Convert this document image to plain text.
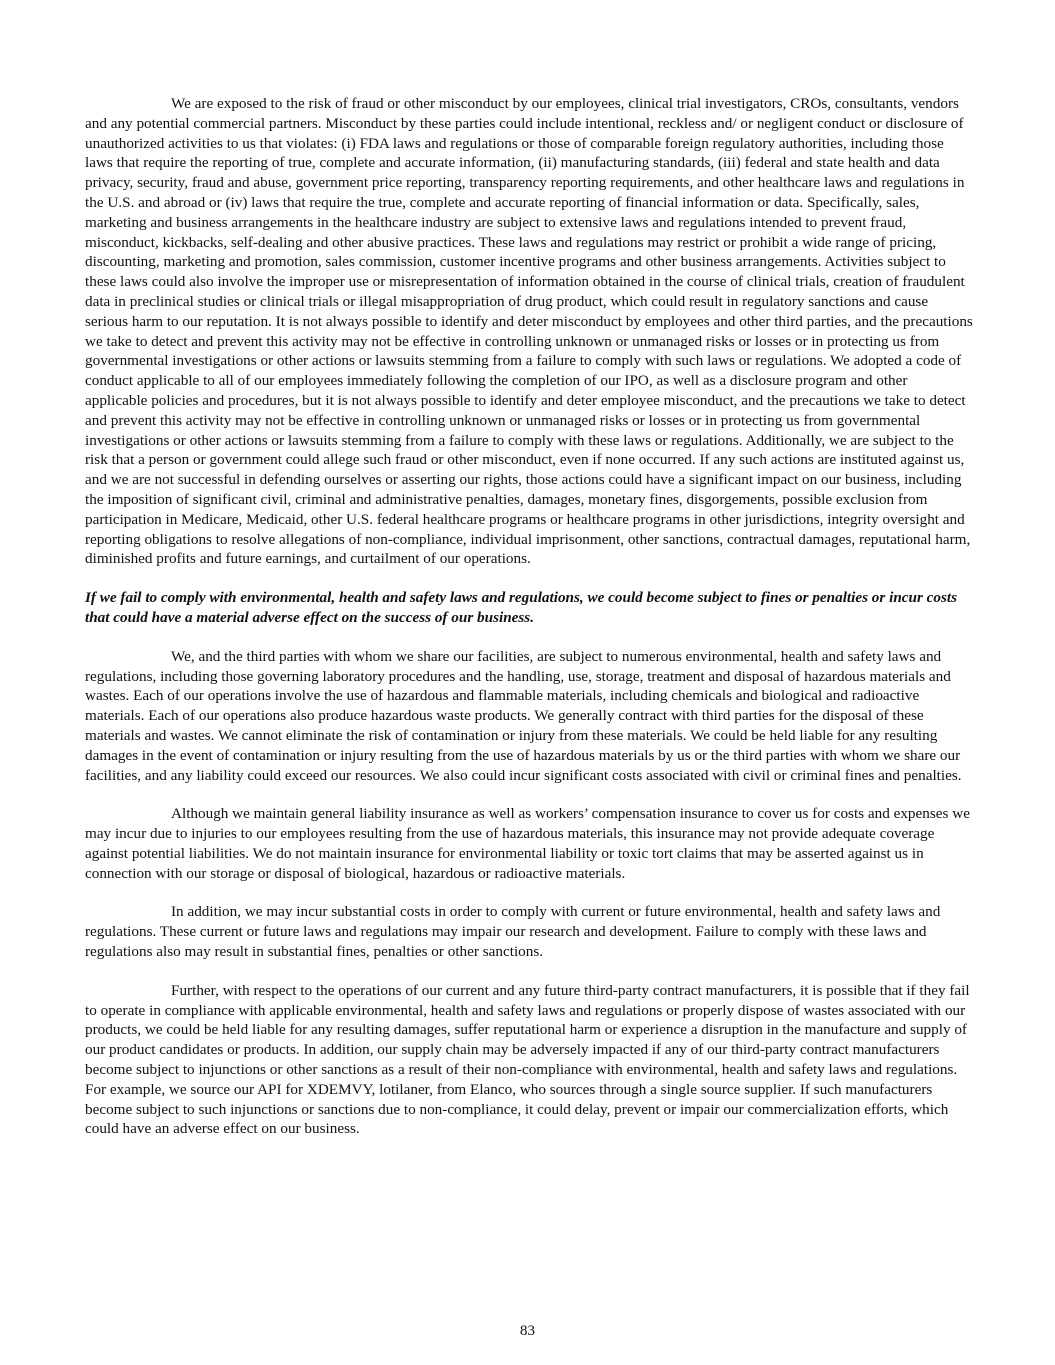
We are exposed to the risk of fraud or other misconduct by our employees, clinical trial investigators, CROs, consultants, vendors and any potential commercial partners. Misconduct by these parties could include intentional, reckless and/ or negligent conduct or disclosure of unauthorized activities to us that violates: (i) FDA laws and regulations or those of comparable foreign regulatory authorities, including those laws that require the reporting of true, complete and accurate information, (ii) manufacturing standards, (iii) federal and state health and data privacy, security, fraud and abuse, government price reporting, transparency reporting requirements, and other healthcare laws and regulations in the U.S. and abroad or (iv) laws that require the true, complete and accurate reporting of financial information or data. Specifically, sales, marketing and business arrangements in the healthcare industry are subject to extensive laws and regulations intended to prevent fraud, misconduct, kickbacks, self-dealing and other abusive practices. These laws and regulations may restrict or prohibit a wide range of pricing, discounting, marketing and promotion, sales commission, customer incentive programs and other business arrangements. Activities subject to these laws could also involve the improper use or misrepresentation of information obtained in the course of clinical trials, creation of fraudulent data in preclinical studies or clinical trials or illegal misappropriation of drug product, which could result in regulatory sanctions and cause serious harm to our reputation. It is not always possible to identify and deter misconduct by employees and other third parties, and the precautions we take to detect and prevent this activity may not be effective in controlling unknown or unmanaged risks or losses or in protecting us from governmental investigations or other actions or lawsuits stemming from a failure to comply with such laws or regulations. We adopted a code of conduct applicable to all of our employees immediately following the completion of our IPO, as well as a disclosure program and other applicable policies and procedures, but it is not always possible to identify and deter employee misconduct, and the precautions we take to detect and prevent this activity may not be effective in controlling unknown or unmanaged risks or losses or in protecting us from governmental investigations or other actions or lawsuits stemming from a failure to comply with these laws or regulations. Additionally, we are subject to the risk that a person or government could allege such fraud or other misconduct, even if none occurred. If any such actions are instituted against us, and we are not successful in defending ourselves or asserting our rights, those actions could have a significant impact on our business, including the imposition of significant civil, criminal and administrative penalties, damages, monetary fines, disgorgements, possible exclusion from participation in Medicare, Medicaid, other U.S. federal healthcare programs or healthcare programs in other jurisdictions, integrity oversight and reporting obligations to resolve allegations of non-compliance, individual imprisonment, other sanctions, contractual damages, reputational harm, diminished profits and future earnings, and curtailment of our operations.

If we fail to comply with environmental, health and safety laws and regulations, we could become subject to fines or penalties or incur costs that could have a material adverse effect on the success of our business.

We, and the third parties with whom we share our facilities, are subject to numerous environmental, health and safety laws and regulations, including those governing laboratory procedures and the handling, use, storage, treatment and disposal of hazardous materials and wastes. Each of our operations involve the use of hazardous and flammable materials, including chemicals and biological and radioactive materials. Each of our operations also produce hazardous waste products. We generally contract with third parties for the disposal of these materials and wastes. We cannot eliminate the risk of contamination or injury from these materials. We could be held liable for any resulting damages in the event of contamination or injury resulting from the use of hazardous materials by us or the third parties with whom we share our facilities, and any liability could exceed our resources. We also could incur significant costs associated with civil or criminal fines and penalties.

Although we maintain general liability insurance as well as workers’ compensation insurance to cover us for costs and expenses we may incur due to injuries to our employees resulting from the use of hazardous materials, this insurance may not provide adequate coverage against potential liabilities. We do not maintain insurance for environmental liability or toxic tort claims that may be asserted against us in connection with our storage or disposal of biological, hazardous or radioactive materials.

In addition, we may incur substantial costs in order to comply with current or future environmental, health and safety laws and regulations. These current or future laws and regulations may impair our research and development. Failure to comply with these laws and regulations also may result in substantial fines, penalties or other sanctions.

Further, with respect to the operations of our current and any future third-party contract manufacturers, it is possible that if they fail to operate in compliance with applicable environmental, health and safety laws and regulations or properly dispose of wastes associated with our products, we could be held liable for any resulting damages, suffer reputational harm or experience a disruption in the manufacture and supply of our product candidates or products. In addition, our supply chain may be adversely impacted if any of our third-party contract manufacturers become subject to injunctions or other sanctions as a result of their non-compliance with environmental, health and safety laws and regulations. For example, we source our API for XDEMVY, lotilaner, from Elanco, who sources through a single source supplier. If such manufacturers become subject to such injunctions or sanctions due to non-compliance, it could delay, prevent or impair our commercialization efforts, which could have an adverse effect on our business.

83
